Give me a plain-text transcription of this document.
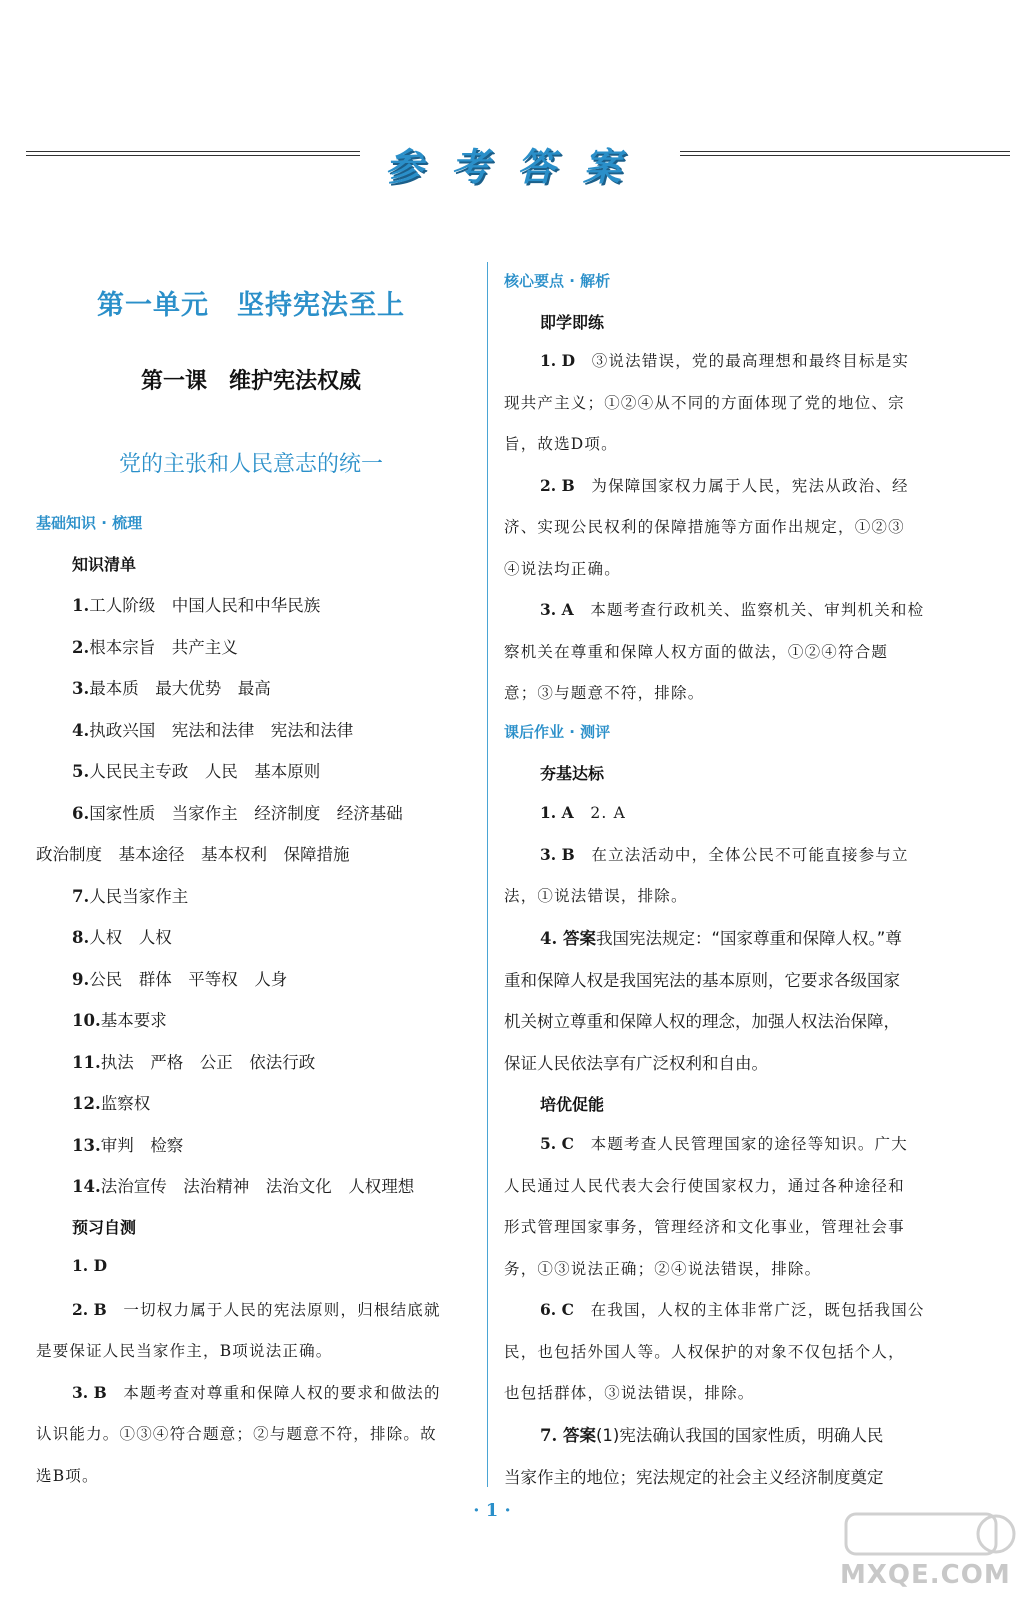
参考答案
第一单元　坚持宪法至上
第一课　维护宪法权威
党的主张和人民意志的统一
基础知识 · 梳理
知识清单
1.工人阶级　中国人民和中华民族
2.根本宗旨　共产主义
3.最本质　最大优势　最高
4.执政兴国　宪法和法律　宪法和法律
5.人民民主专政　人民　基本原则
6.国家性质　当家作主　经济制度　经济基础
政治制度　基本途径　基本权利　保障措施
7.人民当家作主
8.人权　人权
9.公民　群体　平等权　人身
10.基本要求
11.执法　严格　公正　依法行政
12.监察权
13.审判　检察
14.法治宣传　法治精神　法治文化　人权理想
预习自测
1. D
2. B　一切权力属于人民的宪法原则，归根结底就
是要保证人民当家作主，B项说法正确。
3. B　本题考查对尊重和保障人权的要求和做法的
认识能力。①③④符合题意；②与题意不符，排除。故
选B项。
核心要点 · 解析
即学即练
1. D　③说法错误，党的最高理想和最终目标是实
现共产主义；①②④从不同的方面体现了党的地位、宗
旨，故选D项。
2. B　为保障国家权力属于人民，宪法从政治、经
济、实现公民权利的保障措施等方面作出规定，①②③
④说法均正确。
3. A　本题考查行政机关、监察机关、审判机关和检
察机关在尊重和保障人权方面的做法，①②④符合题
意；③与题意不符，排除。
课后作业 · 测评
夯基达标
1. A　2. A
3. B　在立法活动中，全体公民不可能直接参与立
法，①说法错误，排除。
4. 答案我国宪法规定：“国家尊重和保障人权。”尊
重和保障人权是我国宪法的基本原则，它要求各级国家
机关树立尊重和保障人权的理念，加强人权法治保障，
保证人民依法享有广泛权利和自由。
培优促能
5. C　本题考查人民管理国家的途径等知识。广大
人民通过人民代表大会行使国家权力，通过各种途径和
形式管理国家事务，管理经济和文化事业，管理社会事
务，①③说法正确；②④说法错误，排除。
6. C　在我国，人权的主体非常广泛，既包括我国公
民，也包括外国人等。人权保护的对象不仅包括个人，
也包括群体，③说法错误，排除。
7. 答案(1)宪法确认我国的国家性质，明确人民
当家作主的地位；宪法规定的社会主义经济制度奠定
· 1 ·
MXQE.COM
